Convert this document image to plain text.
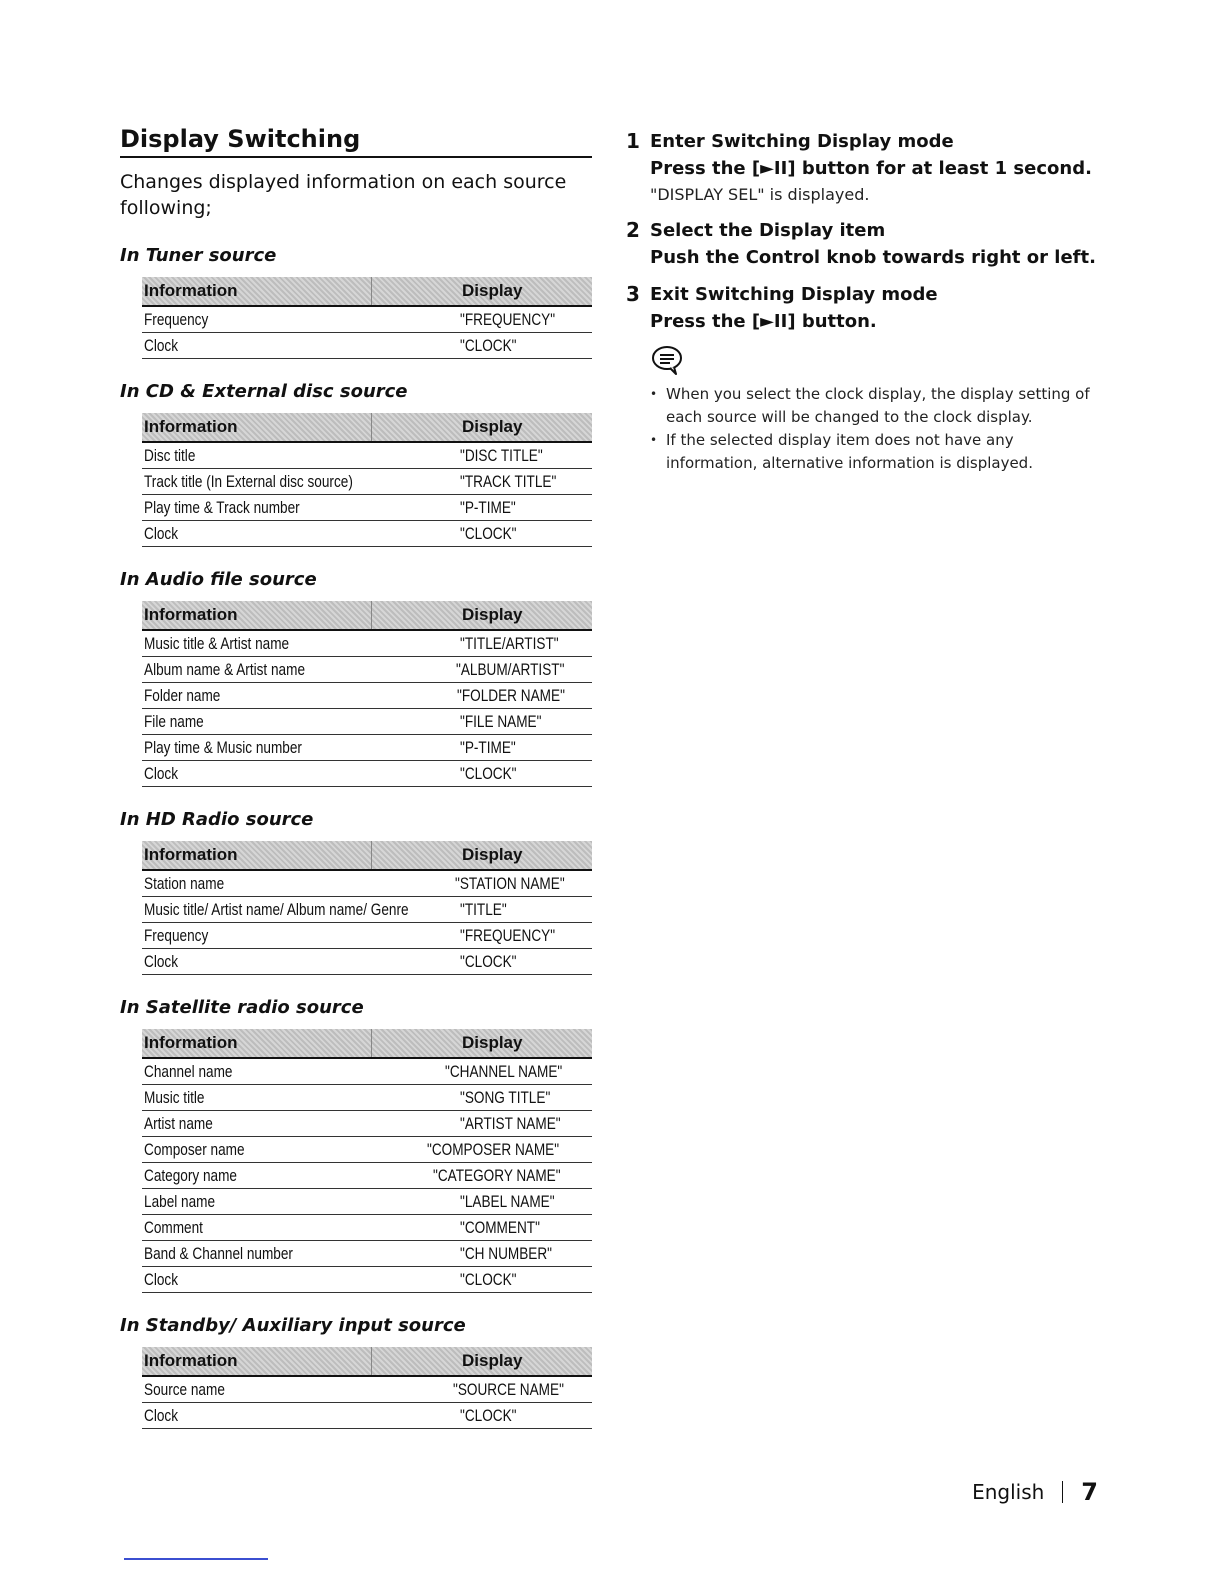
Display Switching

Changes displayed information on each source following;

In Tuner source
Information	Display
Frequency	"FREQUENCY"
Clock	"CLOCK"
In CD & External disc source
Information	Display
Disc title	"DISC TITLE"
Track title (In External disc source)	"TRACK TITLE"
Play time & Track number	"P-TIME"
Clock	"CLOCK"
In Audio file source
Information	Display
Music title & Artist name	"TITLE/ARTIST"
Album name & Artist name	"ALBUM/ARTIST"
Folder name	"FOLDER NAME"
File name	"FILE NAME"
Play time & Music number	"P-TIME"
Clock	"CLOCK"
In HD Radio source
Information	Display
Station name	"STATION NAME"
Music title/ Artist name/ Album name/ Genre	"TITLE"
Frequency	"FREQUENCY"
Clock	"CLOCK"
In Satellite radio source
Information	Display
Channel name	"CHANNEL NAME"
Music title	"SONG TITLE"
Artist name	"ARTIST NAME"
Composer name	"COMPOSER NAME"
Category name	"CATEGORY NAME"
Label name	"LABEL NAME"
Comment	"COMMENT"
Band & Channel number	"CH NUMBER"
Clock	"CLOCK"
In Standby/ Auxiliary input source
Information	Display
Source name	"SOURCE NAME"
Clock	"CLOCK"
1 Enter Switching Display mode

Press the [►II] button for at least 1 second.

"DISPLAY SEL" is displayed.

2 Select the Display item

Push the Control knob towards right or left.

3 Exit Switching Display mode

Press the [►II] button.

• When you select the clock display, the display setting of each source will be changed to the clock display.
• If the selected display item does not have any information, alternative information is displayed.
English 7
